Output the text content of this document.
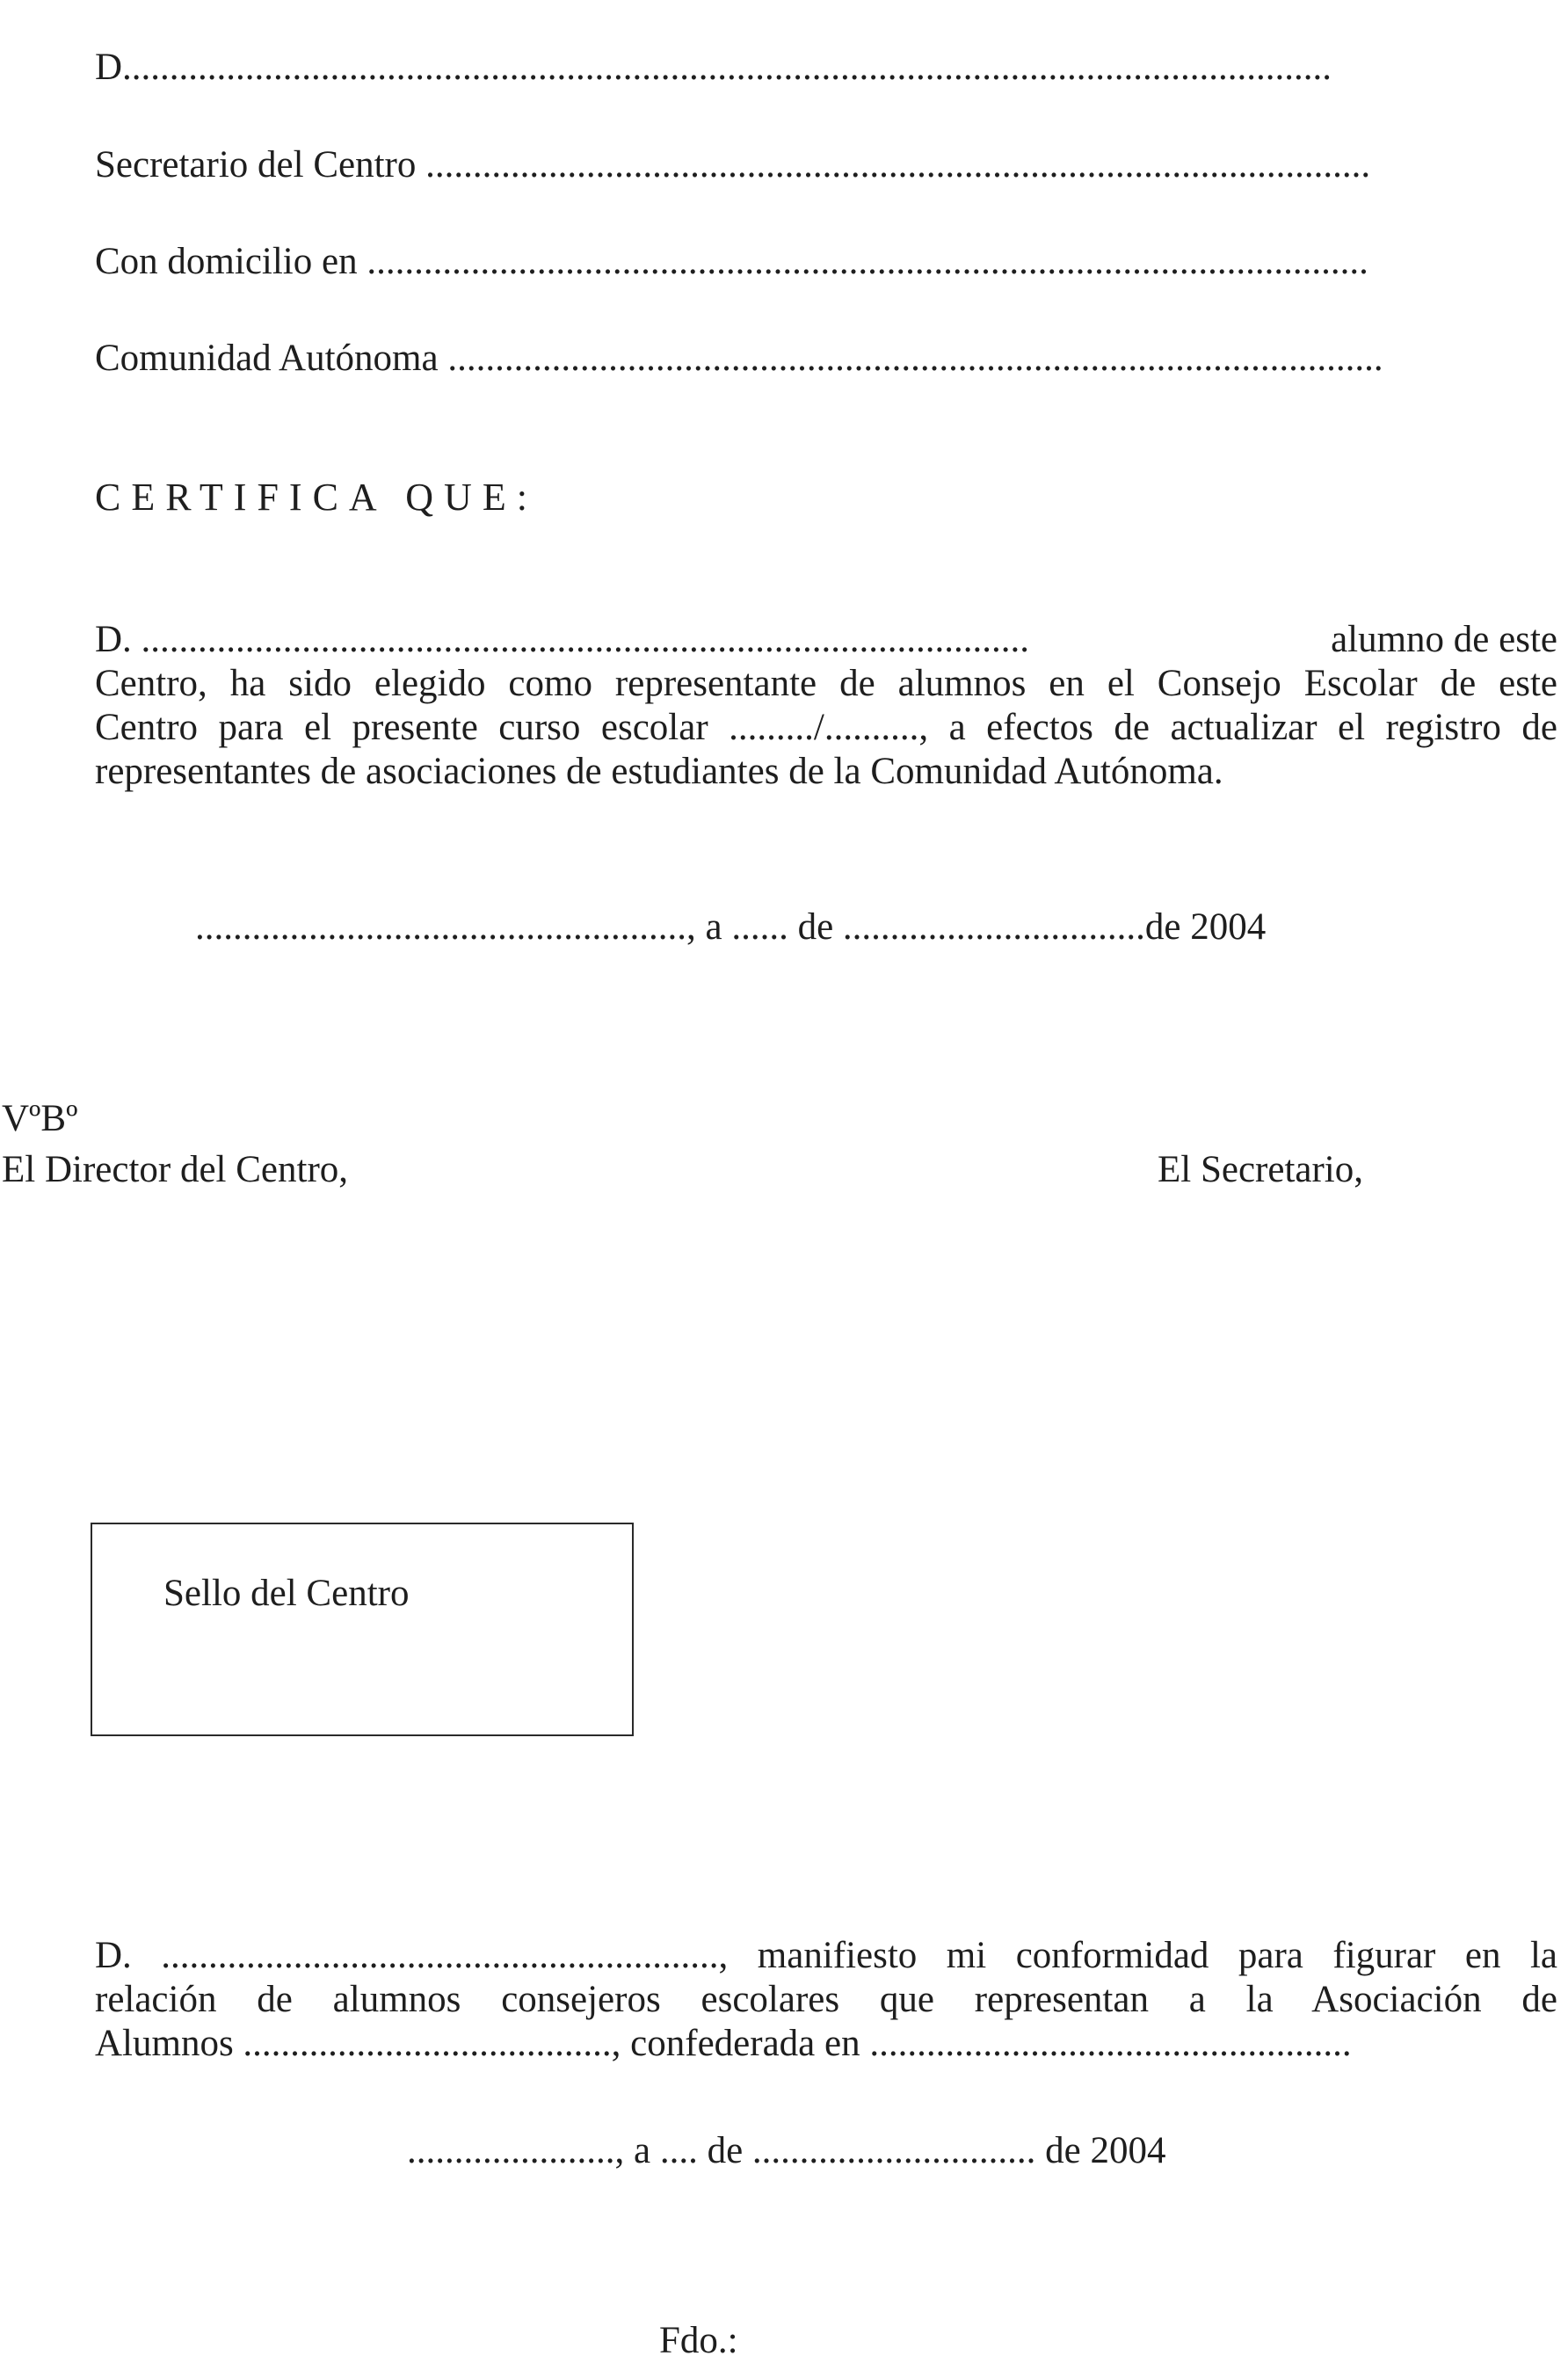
D................................................................................................................................
Secretario del Centro ....................................................................................................
Con domicilio en ..........................................................................................................
Comunidad Autónoma ...................................................................................................
CERTIFICA QUE:
D. ..............................................................................................	alumno de este
Centro, ha sido elegido como representante de alumnos en el Consejo Escolar de este
Centro para el presente curso escolar ........./.........., a efectos de actualizar el registro de
representantes de asociaciones de estudiantes de la Comunidad Autónoma.
...................................................., a ...... de ................................de 2004
VºBº
El Director del Centro,	El Secretario,
Sello del Centro
D. ..........................................................., manifiesto mi conformidad para figurar en la
relación de alumnos consejeros escolares que representan a la Asociación de
Alumnos ......................................., confederada en ...................................................
......................, a .... de .............................. de 2004
Fdo.:
